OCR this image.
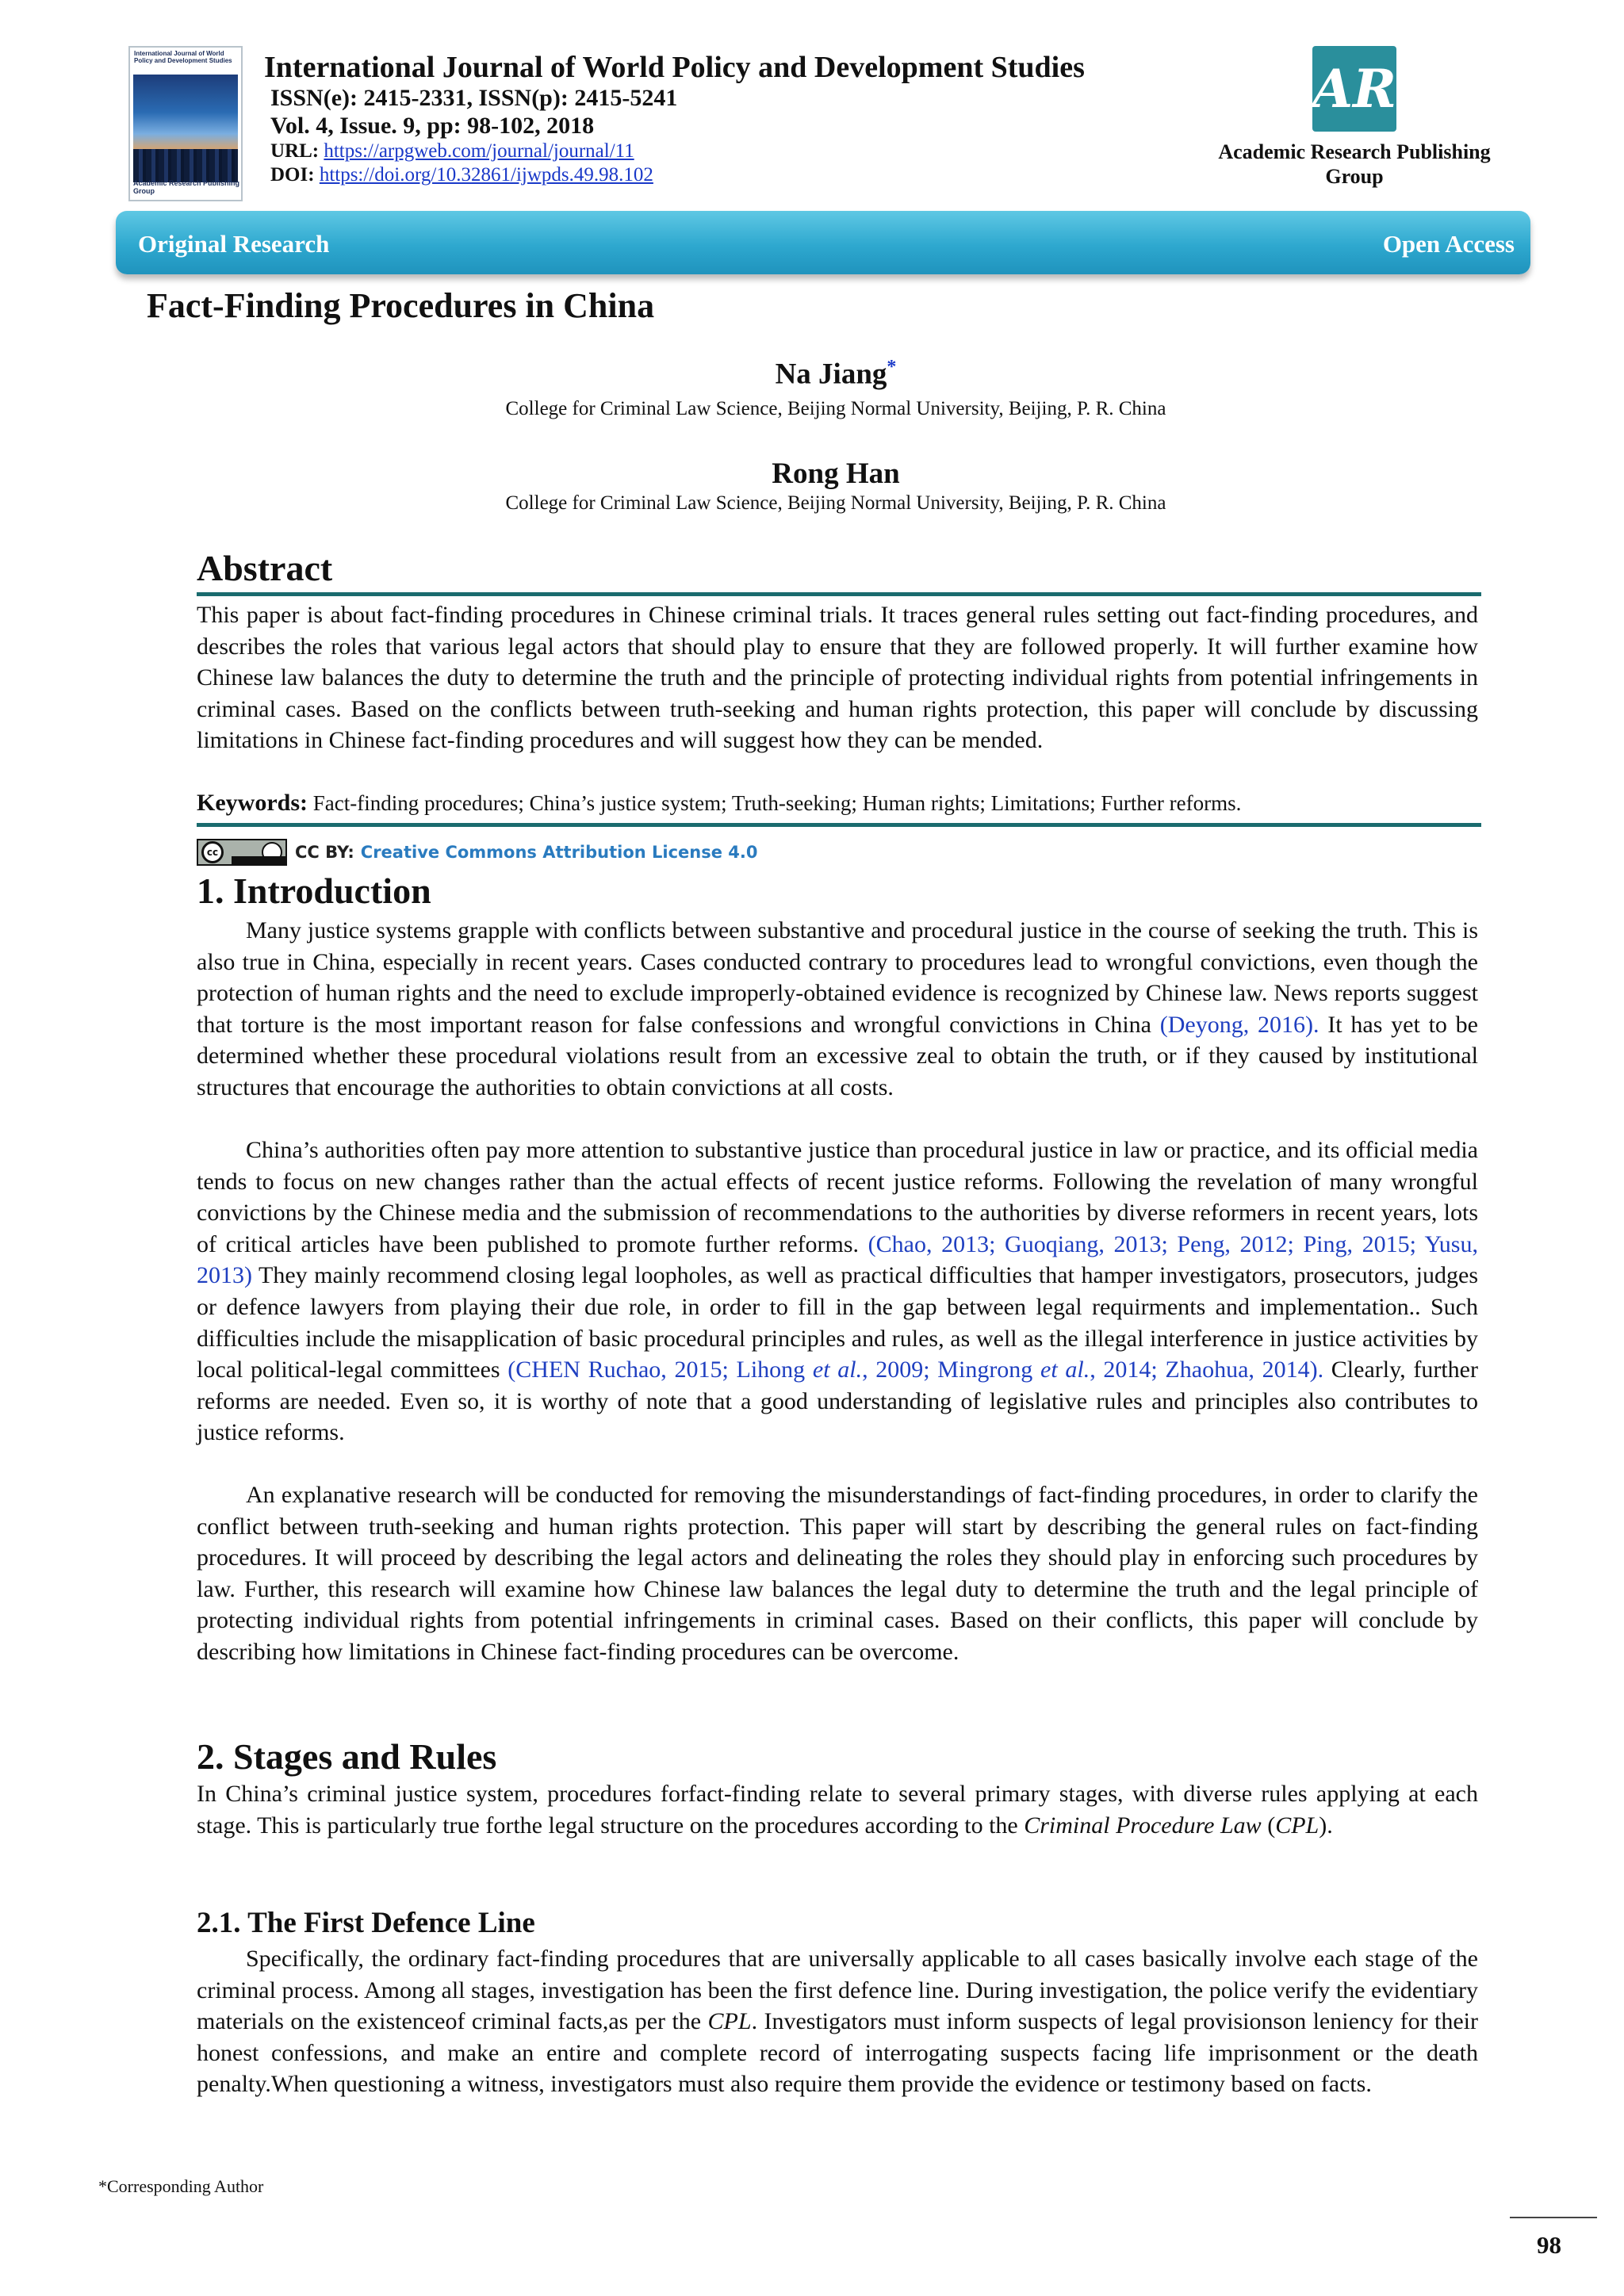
International Journal of World Policy and Development Studies
Academic Research Publishing Group
International Journal of World Policy and Development Studies
ISSN(e): 2415-2331, ISSN(p): 2415-5241
Vol. 4, Issue. 9, pp: 98-102, 2018
URL: https://arpgweb.com/journal/journal/11
DOI: https://doi.org/10.32861/ijwpds.49.98.102
AR
Academic Research Publishing Group
Original Research	Open Access
Fact-Finding Procedures in China
Na Jiang*
College for Criminal Law Science, Beijing Normal University, Beijing, P. R. China
Rong Han
College for Criminal Law Science, Beijing Normal University, Beijing, P. R. China
Abstract
This paper is about fact-finding procedures in Chinese criminal trials. It traces general rules setting out fact-finding procedures, and describes the roles that various legal actors that should play to ensure that they are followed properly. It will further examine how Chinese law balances the duty to determine the truth and the principle of protecting individual rights from potential infringements in criminal cases. Based on the conflicts between truth-seeking and human rights protection, this paper will conclude by discussing limitations in Chinese fact-finding procedures and will suggest how they can be mended.
Keywords: Fact-finding procedures; China’s justice system; Truth-seeking; Human rights; Limitations; Further reforms.
cc	CC BY: Creative Commons Attribution License 4.0
1. Introduction
Many justice systems grapple with conflicts between substantive and procedural justice in the course of seeking the truth. This is also true in China, especially in recent years. Cases conducted contrary to procedures lead to wrongful convictions, even though the protection of human rights and the need to exclude improperly-obtained evidence is recognized by Chinese law. News reports suggest that torture is the most important reason for false confessions and wrongful convictions in China (Deyong, 2016). It has yet to be determined whether these procedural violations result from an excessive zeal to obtain the truth, or if they caused by institutional structures that encourage the authorities to obtain convictions at all costs.
China’s authorities often pay more attention to substantive justice than procedural justice in law or practice, and its official media tends to focus on new changes rather than the actual effects of recent justice reforms. Following the revelation of many wrongful convictions by the Chinese media and the submission of recommendations to the authorities by diverse reformers in recent years, lots of critical articles have been published to promote further reforms. (Chao, 2013; Guoqiang, 2013; Peng, 2012; Ping, 2015; Yusu, 2013) They mainly recommend closing legal loopholes, as well as practical difficulties that hamper investigators, prosecutors, judges or defence lawyers from playing their due role, in order to fill in the gap between legal requirments and implementation.. Such difficulties include the misapplication of basic procedural principles and rules, as well as the illegal interference in justice activities by local political-legal committees (CHEN Ruchao, 2015; Lihong et al., 2009; Mingrong et al., 2014; Zhaohua, 2014). Clearly, further reforms are needed. Even so, it is worthy of note that a good understanding of legislative rules and principles also contributes to justice reforms.
An explanative research will be conducted for removing the misunderstandings of fact-finding procedures, in order to clarify the conflict between truth-seeking and human rights protection. This paper will start by describing the general rules on fact-finding procedures. It will proceed by describing the legal actors and delineating the roles they should play in enforcing such procedures by law. Further, this research will examine how Chinese law balances the legal duty to determine the truth and the legal principle of protecting individual rights from potential infringements in criminal cases. Based on their conflicts, this paper will conclude by describing how limitations in Chinese fact-finding procedures can be overcome.
2. Stages and Rules
In China’s criminal justice system, procedures forfact-finding relate to several primary stages, with diverse rules applying at each stage. This is particularly true forthe legal structure on the procedures according to the Criminal Procedure Law (CPL).
2.1. The First Defence Line
Specifically, the ordinary fact-finding procedures that are universally applicable to all cases basically involve each stage of the criminal process. Among all stages, investigation has been the first defence line. During investigation, the police verify the evidentiary materials on the existenceof criminal facts,as per the CPL. Investigators must inform suspects of legal provisionson leniency for their honest confessions, and make an entire and complete record of interrogating suspects facing life imprisonment or the death penalty.When questioning a witness, investigators must also require them provide the evidence or testimony based on facts.
*Corresponding Author
98
